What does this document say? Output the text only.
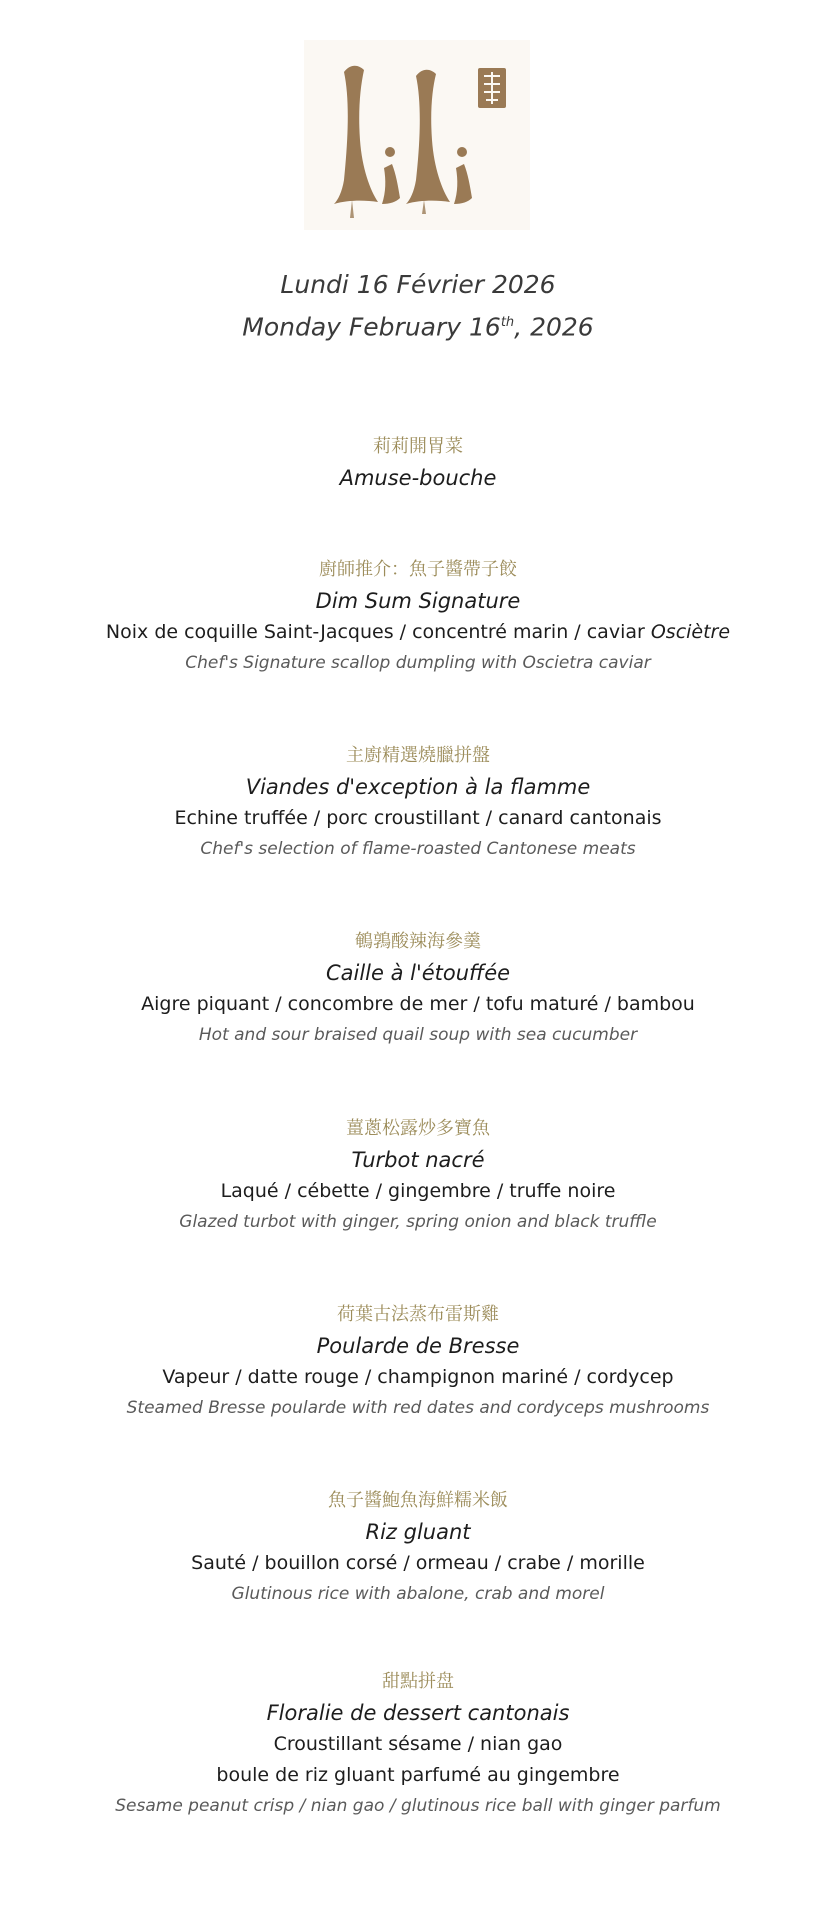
Lundi 16 Février 2026
Monday February 16th, 2026
莉莉開胃菜
Amuse-bouche
廚師推介：魚子醬帶子餃
Dim Sum Signature
Noix de coquille Saint-Jacques / concentré marin / caviar Oscièt​re
Chef's Signature scallop dumpling with Oscietra caviar
主廚精選燒臘拼盤
Viandes d'exception à la flamme
Echine truffée / porc croustillant / canard cantonais
Chef's selection of flame-roasted Cantonese meats
鵪鶉酸辣海參羹
Caille à l'étouffée
Aigre piquant / concombre de mer / tofu maturé / bambou
Hot and sour braised quail soup with sea cucumber
薑蔥松露炒多寶魚
Turbot nacré
Laqué / cébette / gingembre / truffe noire
Glazed turbot with ginger, spring onion and black truffle
荷葉古法蒸布雷斯雞
Poularde de Bresse
Vapeur / datte rouge / champignon mariné / cordycep
Steamed Bresse poularde with red dates and cordyceps mushrooms
魚子醬鮑魚海鮮糯米飯
Riz gluant
Sauté / bouillon corsé / ormeau / crabe / morille
Glutinous rice with abalone, crab and morel
甜點拼盘
Floralie de dessert cantonais
Croustillant sésame / nian gao
boule de riz gluant parfumé au gingembre
Sesame peanut crisp / nian gao / glutinous rice ball with ginger parfum
